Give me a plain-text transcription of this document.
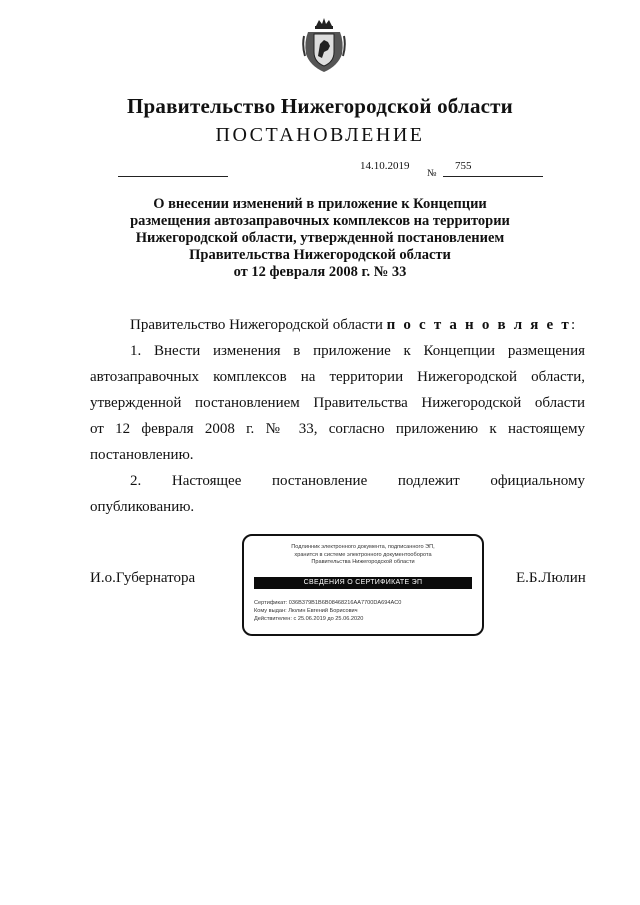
Правительство Нижегородской области
ПОСТАНОВЛЕНИЕ
14.10.2019
№
755
О внесении изменений в приложение к Концепции
размещения автозаправочных комплексов на территории
Нижегородской области, утвержденной постановлением
Правительства Нижегородской области
от 12 февраля 2008 г. № 33
Правительство Нижегородской области п о с т а н о в л я е т:
1. Внести изменения в приложение к Концепции размещения
автозаправочных комплексов на территории Нижегородской области,
утвержденной постановлением Правительства Нижегородской области
от 12 февраля 2008 г. № 33, согласно приложению к настоящему
постановлению.
2. Настоящее постановление подлежит официальному
опубликованию.
И.о.Губернатора	Е.Б.Люлин
Подлинник электронного документа, подписанного ЭП,
хранится в системе электронного документооборота
Правительства Нижегородской области
СВЕДЕНИЯ О СЕРТИФИКАТЕ ЭП
Сертификат: 036B379B1B6B08468216AA7700DA694AC0
Кому выдан: Люлин Евгений Борисович
Действителен: с 25.06.2019 до 25.06.2020
